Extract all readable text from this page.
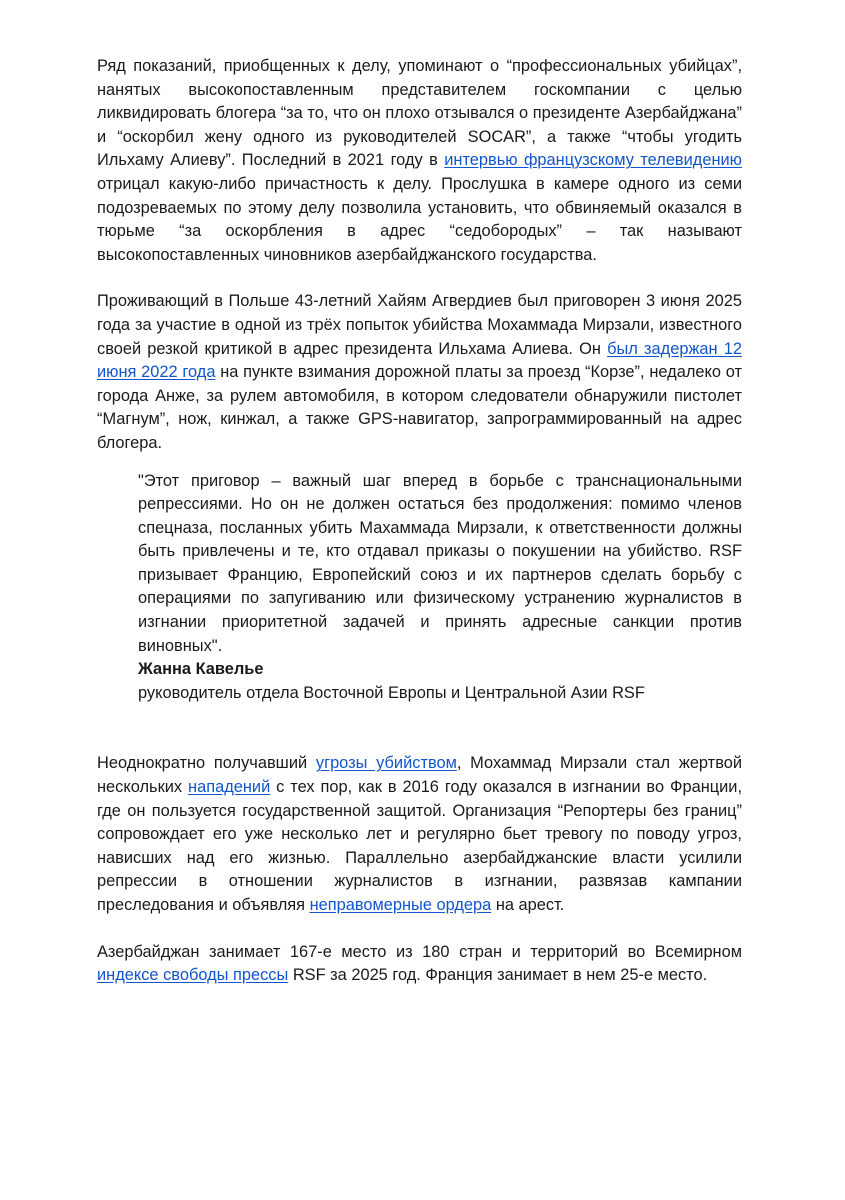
Ряд показаний, приобщенных к делу, упоминают о “профессиональных убийцах”, нанятых высокопоставленным представителем госкомпании с целью ликвидировать блогера “за то, что он плохо отзывался о президенте Азербайджана” и “оскорбил жену одного из руководителей SOCAR”, а также “чтобы угодить Ильхаму Алиеву”. Последний в 2021 году в интервью французскому телевидению отрицал какую-либо причастность к делу. Прослушка в камере одного из семи подозреваемых по этому делу позволила установить, что обвиняемый оказался в тюрьме “за оскорбления в адрес “седобородых” – так называют высокопоставленных чиновников азербайджанского государства.

Проживающий в Польше 43-летний Хайям Агвердиев был приговорен 3 июня 2025 года за участие в одной из трёх попыток убийства Мохаммада Мирзали, известного своей резкой критикой в адрес президента Ильхама Алиева. Он был задержан 12 июня 2022 года на пункте взимания дорожной платы за проезд “Корзе”, недалеко от города Анже, за рулем автомобиля, в котором следователи обнаружили пистолет “Магнум”, нож, кинжал, а также GPS-навигатор, запрограммированный на адрес блогера.

"Этот приговор – важный шаг вперед в борьбе с транснациональными репрессиями. Но он не должен остаться без продолжения: помимо членов спецназа, посланных убить Махаммада Мирзали, к ответственности должны быть привлечены и те, кто отдавал приказы о покушении на убийство. RSF призывает Францию, Европейский союз и их партнеров сделать борьбу с операциями по запугиванию или физическому устранению журналистов в изгнании приоритетной задачей и принять адресные санкции против виновных".

Жанна Кавелье

руководитель отдела Восточной Европы и Центральной Азии RSF

Неоднократно получавший угрозы убийством, Мохаммад Мирзали стал жертвой нескольких нападений с тех пор, как в 2016 году оказался в изгнании во Франции, где он пользуется государственной защитой. Организация “Репортеры без границ” сопровождает его уже несколько лет и регулярно бьет тревогу по поводу угроз, нависших над его жизнью. Параллельно азербайджанские власти усилили репрессии в отношении журналистов в изгнании, развязав кампании преследования и объявляя неправомерные ордера на арест.

Азербайджан занимает 167-е место из 180 стран и территорий во Всемирном индексе свободы прессы RSF за 2025 год. Франция занимает в нем 25-е место.
